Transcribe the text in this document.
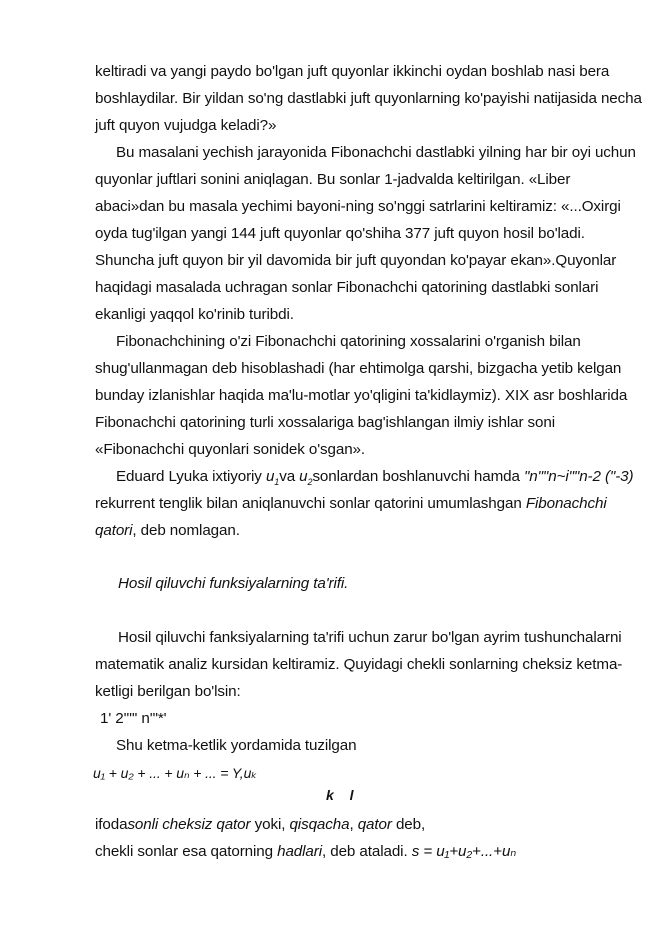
keltiradi va yangi paydo bo'lgan juft quyonlar ikkinchi oydan boshlab nasi bera
boshlaydilar. Bir yildan so'ng dastlabki juft quyonlarning ko'payishi natijasida necha
juft quyon vujudga keladi?»
Bu masalani yechish jarayonida Fibonachchi dastlabki yilning har bir oyi uchun
quyonlar juftlari sonini aniqlagan. Bu sonlar 1-jadvalda keltirilgan. «Liber
abaci»dan bu masala yechimi bayoni-ning so'nggi satrlarini keltiramiz: «...Oxirgi
oyda tug'ilgan yangi 144 juft quyonlar qo'shiha 377 juft quyon hosil bo'ladi.
Shuncha juft quyon bir yil davomida bir juft quyondan ko'payar ekan».Quyonlar
haqidagi masalada uchragan sonlar Fibonachchi qatorining dastlabki sonlari
ekanligi yaqqol ko'rinib turibdi.
Fibonachchining o'zi Fibonachchi qatorining xossalarini o'rganish bilan
shug'ullanmagan deb hisoblashadi (har ehtimolga qarshi, bizgacha yetib kelgan
bunday izlanishlar haqida ma'lu-motlar yo'qligini ta'kidlaymiz). XIX asr boshlarida
Fibonachchi qatorining turli xossalariga bag'ishlangan ilmiy ishlar soni
«Fibonachchi quyonlari sonidek o'sgan».
Eduard Lyuka ixtiyoriy $u_1va$ $u_2sonlardan$ boshlanuvchi hamda "n""n~i""n-2 ("-3)
rekurrent tenglik bilan aniqlanuvchi sonlar qatorini umumlashgan Fibonachchi
qatori, deb nomlagan.
Hosil qiluvchi funksiyalarning ta'rifi.
Hosil qiluvchi fanksiyalarning ta'rifi uchun zarur bo'lgan ayrim tushunchalarni
matematik analiz kursidan keltiramiz. Quyidagi chekli sonlarning cheksiz ketma-
ketligi berilgan bo'lsin:
1' 2''"' n'"*'
Shu ketma-ketlik yordamida tuzilgan
u₁ + u₂ + ... + uₙ + ... = Y,uₖ
k l
ifodasonli cheksiz qator yoki, qisqacha, qator deb,
chekli sonlar esa qatorning hadlari, deb ataladi. s = u₁+u₂+...+uₙ
